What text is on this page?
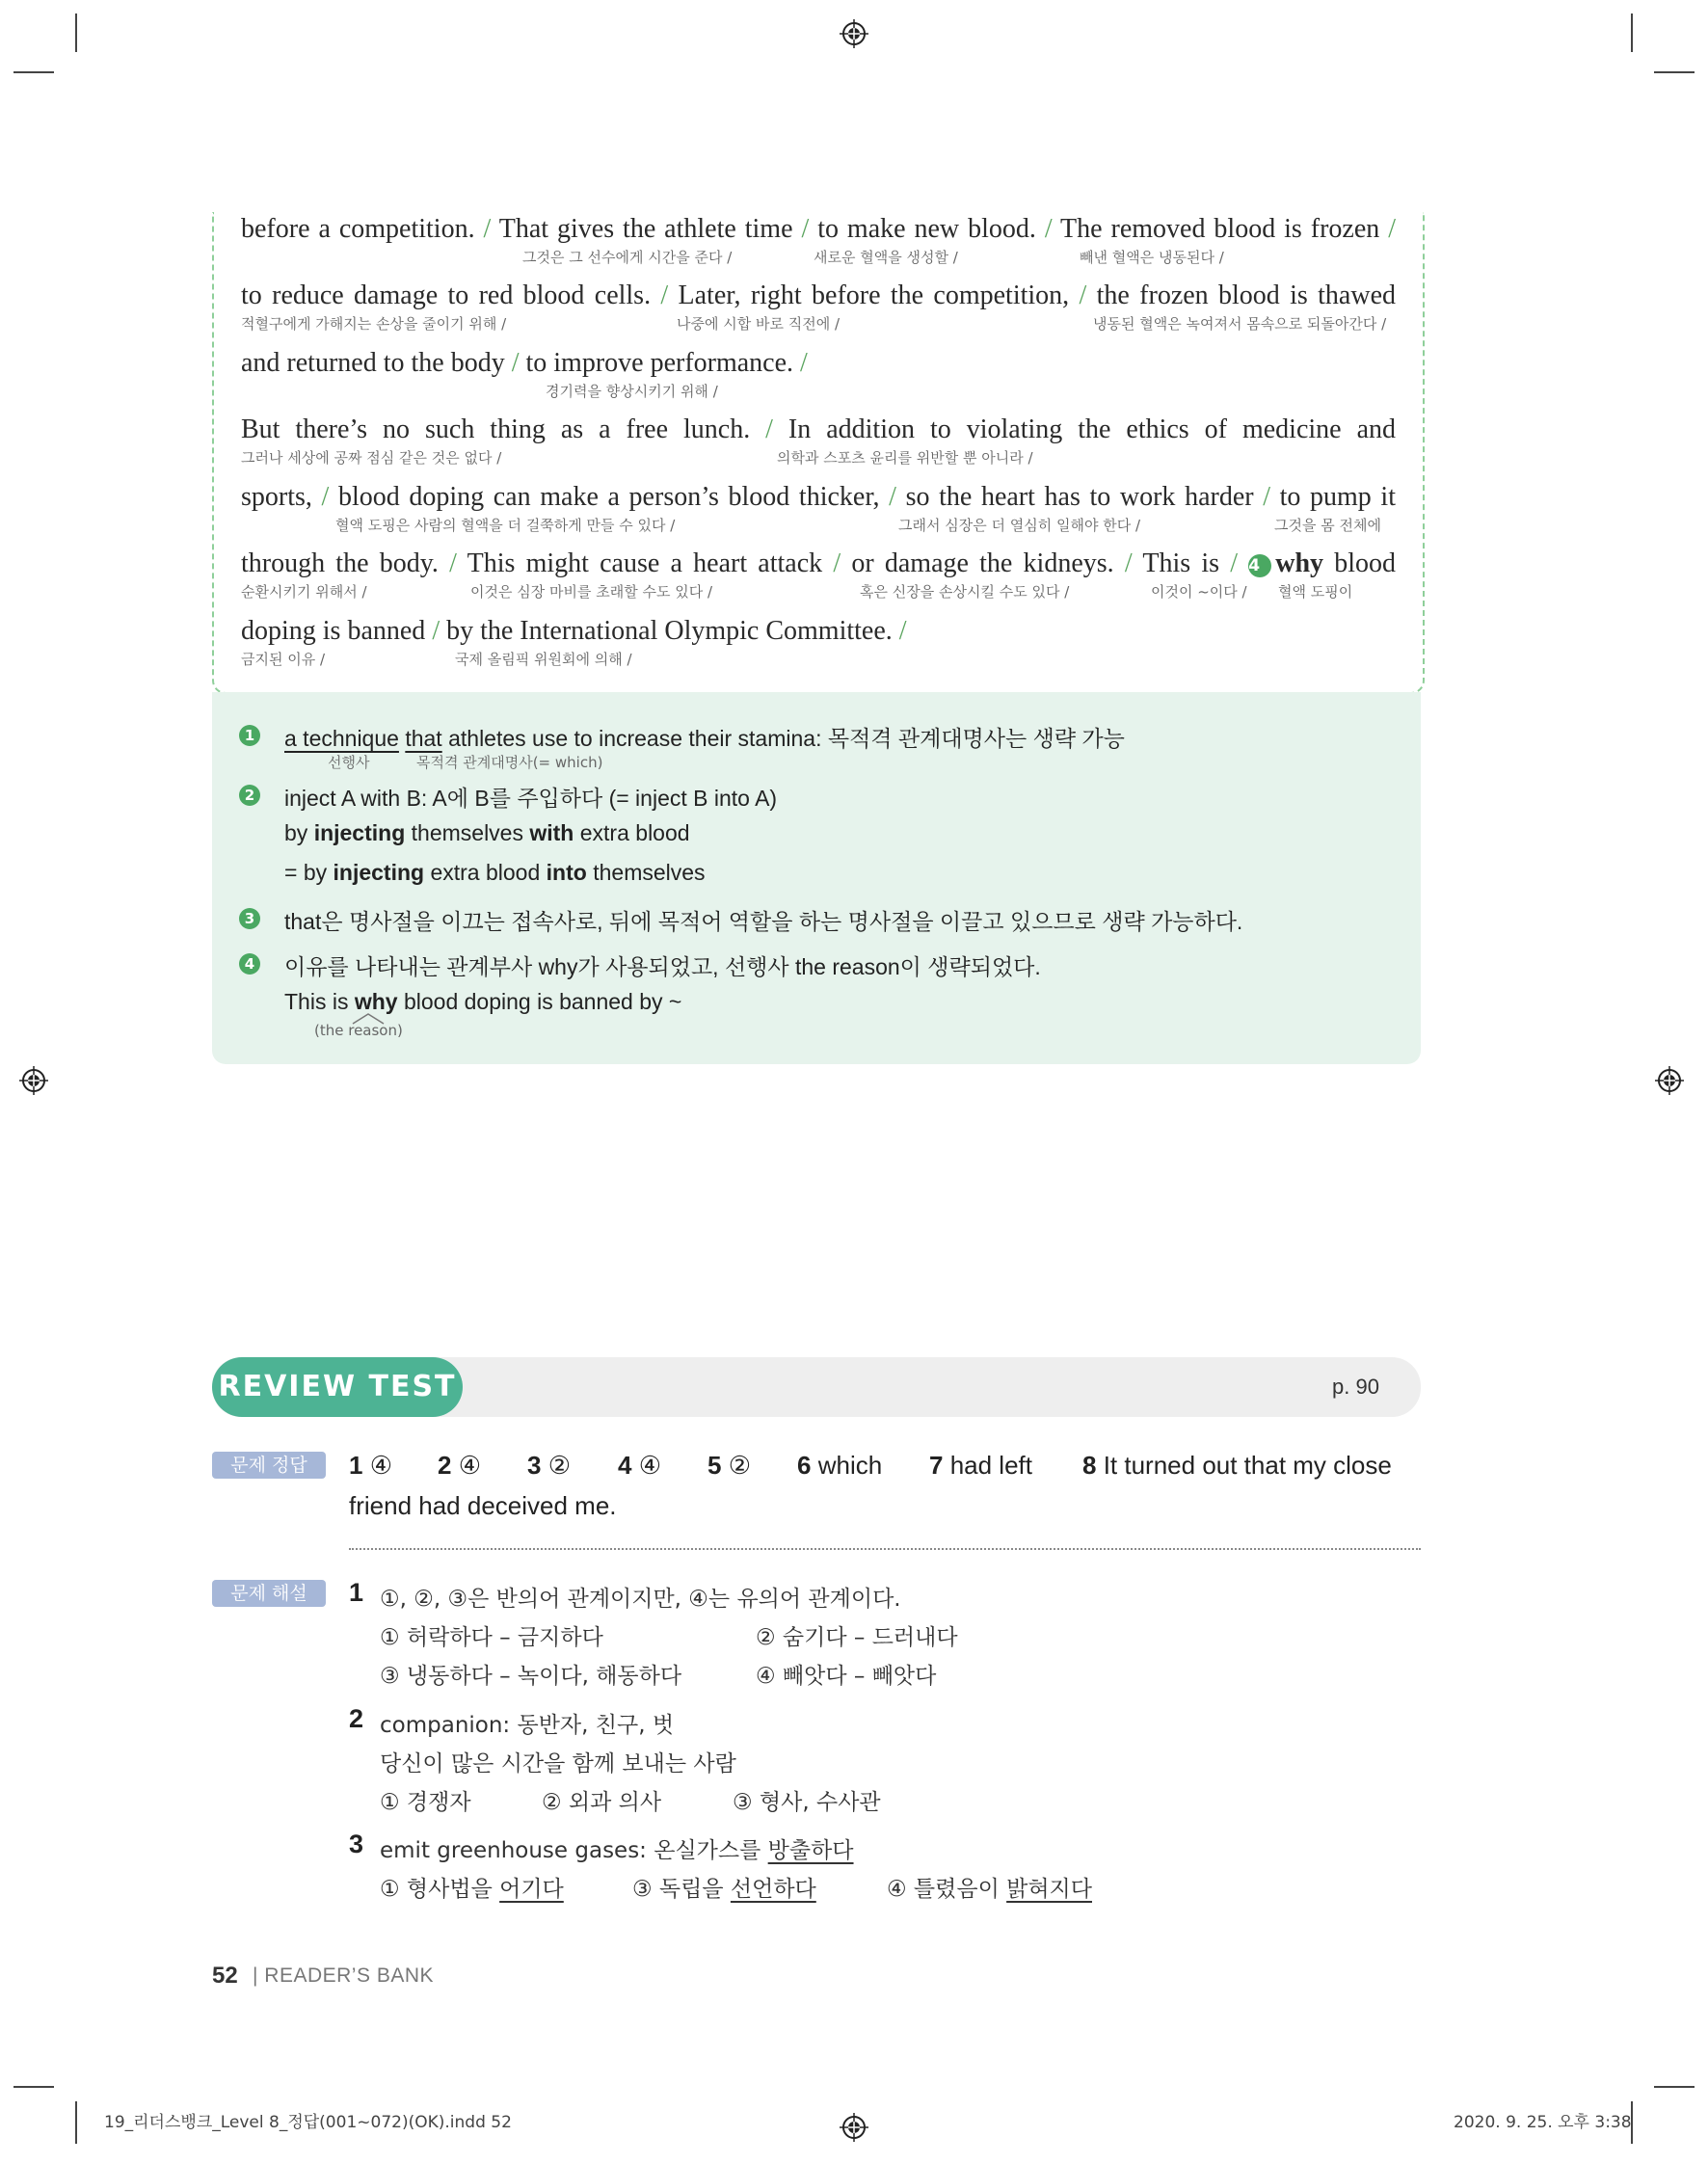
before a competition. / That gives the athlete time / to make new blood. / The removed blood is frozen /
그것은 그 선수에게 시간을 준다 /	새로운 혈액을 생성할 /	빼낸 혈액은 냉동된다 /
to reduce damage to red blood cells. / Later, right before the competition, / the frozen blood is thawed
적혈구에게 가해지는 손상을 줄이기 위해 /	나중에 시합 바로 직전에 /	냉동된 혈액은 녹여져서 몸속으로 되돌아간다 /
and returned to the body / to improve performance. /
경기력을 향상시키기 위해 /
But there’s no such thing as a free lunch. / In addition to violating the ethics of medicine and
그러나 세상에 공짜 점심 같은 것은 없다 /	의학과 스포츠 윤리를 위반할 뿐 아니라 /
sports, / blood doping can make a person’s blood thicker, / so the heart has to work harder / to pump it
혈액 도핑은 사람의 혈액을 더 걸쭉하게 만들 수 있다 /	그래서 심장은 더 열심히 일해야 한다 /	그것을 몸 전체에
through the body. / This might cause a heart attack / or damage the kidneys. / This is / 4 why blood
순환시키기 위해서 /	이것은 심장 마비를 초래할 수도 있다 /	혹은 신장을 손상시킬 수도 있다 /	이것이 ~이다 / 혈액 도핑이
doping is banned / by the International Olympic Committee. /
금지된 이유 /	국제 올림픽 위원회에 의해 /
1 a technique that athletes use to increase their stamina: 목적격 관계대명사는 생략 가능
선행사	목적격 관계대명사(= which)
2 inject A with B: A에 B를 주입하다 (= inject B into A)
by injecting themselves with extra blood
= by injecting extra blood into themselves
3 that은 명사절을 이끄는 접속사로, 뒤에 목적어 역할을 하는 명사절을 이끌고 있으므로 생략 가능하다.
4 이유를 나타내는 관계부사 why가 사용되었고, 선행사 the reason이 생략되었다.
This is why blood doping is banned by ~
(the reason)
REVIEW TEST	p. 90
문제 정답	1 ④ 2 ④ 3 ② 4 ④ 5 ② 6 which 7 had left 8 It turned out that my close
friend had deceived me.
문제 해설	1 ①, ②, ③은 반의어 관계이지만, ④는 유의어 관계이다.
① 허락하다 – 금지하다	② 숨기다 – 드러내다
③ 냉동하다 – 녹이다, 해동하다	④ 빼앗다 – 빼앗다
2 companion: 동반자, 친구, 벗
당신이 많은 시간을 함께 보내는 사람
① 경쟁자	② 외과 의사	③ 형사, 수사관
3 emit greenhouse gases: 온실가스를 방출하다
① 형사법을 어기다	③ 독립을 선언하다	④ 틀렸음이 밝혀지다
52 | READER’S BANK
19_리더스뱅크_Level 8_정답(001~072)(OK).indd 52	2020. 9. 25. 오후 3:38
